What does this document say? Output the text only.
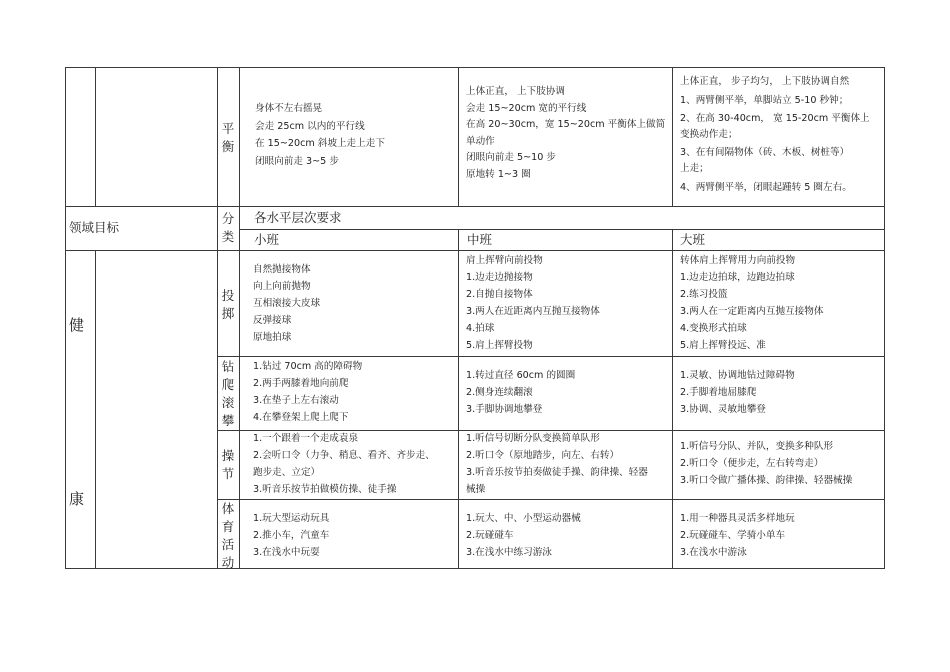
平
衡
身体不左右摇晃
会走 25cm 以内的平行线
在 15~20cm 斜坡上走上走下
闭眼向前走 3~5 步
上体正直， 上下肢协调
会走 15~20cm 宽的平行线
在高 20~30cm，宽 15~20cm 平衡体上做简
单动作
闭眼向前走 5~10 步
原地转 1~3 圈
上体正直， 步子均匀， 上下肢协调自然
1、两臂侧平举，单脚站立 5-10 秒钟；
2、在高 30-40cm， 宽 15-20cm 平衡体上
变换动作走；
3、在有间隔物体（砖、木板、树桩等）
上走；
4、两臂侧平举，闭眼起踵转 5 圈左右。
领域目标
分
类
各水平层次要求
小班	中班	大班
健
康
投
掷
自然抛接物体
向上向前抛物
互相滚接大皮球
反弹接球
原地拍球
肩上挥臂向前投物
1.边走边抛接物
2.自抛自接物体
3.两人在近距离内互抛互接物体
4.拍球
5.肩上挥臂投物
转体肩上挥臂用力向前投物
1.边走边拍球，边跑边拍球
2.练习投篮
3.两人在一定距离内互抛互接物体
4.变换形式拍球
5.肩上挥臂投远、准
钻
爬
滚
攀
1.钻过 70cm 高的障碍物
2.两手两膝着地向前爬
3.在垫子上左右滚动
4.在攀登架上爬上爬下
1.转过直径 60cm 的圆圈
2.侧身连续翻滚
3.手脚协调地攀登
1.灵敏、协调地钻过障碍物
2.手脚着地屈膝爬
3.协调、灵敏地攀登
操
节
1.一个跟着一个走成袁泉
2.会听口令（力争、稍息、看齐、齐步走、
跑步走、立定）
3.听音乐按节拍做模仿操、徒手操
1.听信号切断分队变换简单队形
2.听口令（原地踏步，向左、右转）
3.听音乐按节拍奏做徒手操、韵律操、轻器
械操
1.听信号分队、并队，变换多种队形
2.听口令（便步走，左右转弯走）
3.听口令做广播体操、韵律操、轻器械操
体
育
活
动
1.玩大型运动玩具
2.推小车，汽童车
3.在浅水中玩耍
1.玩大、中、小型运动器械
2.玩碰碰车
3.在浅水中练习游泳
1.用一种器具灵活多样地玩
2.玩碰碰车、学骑小单车
3.在浅水中游泳
